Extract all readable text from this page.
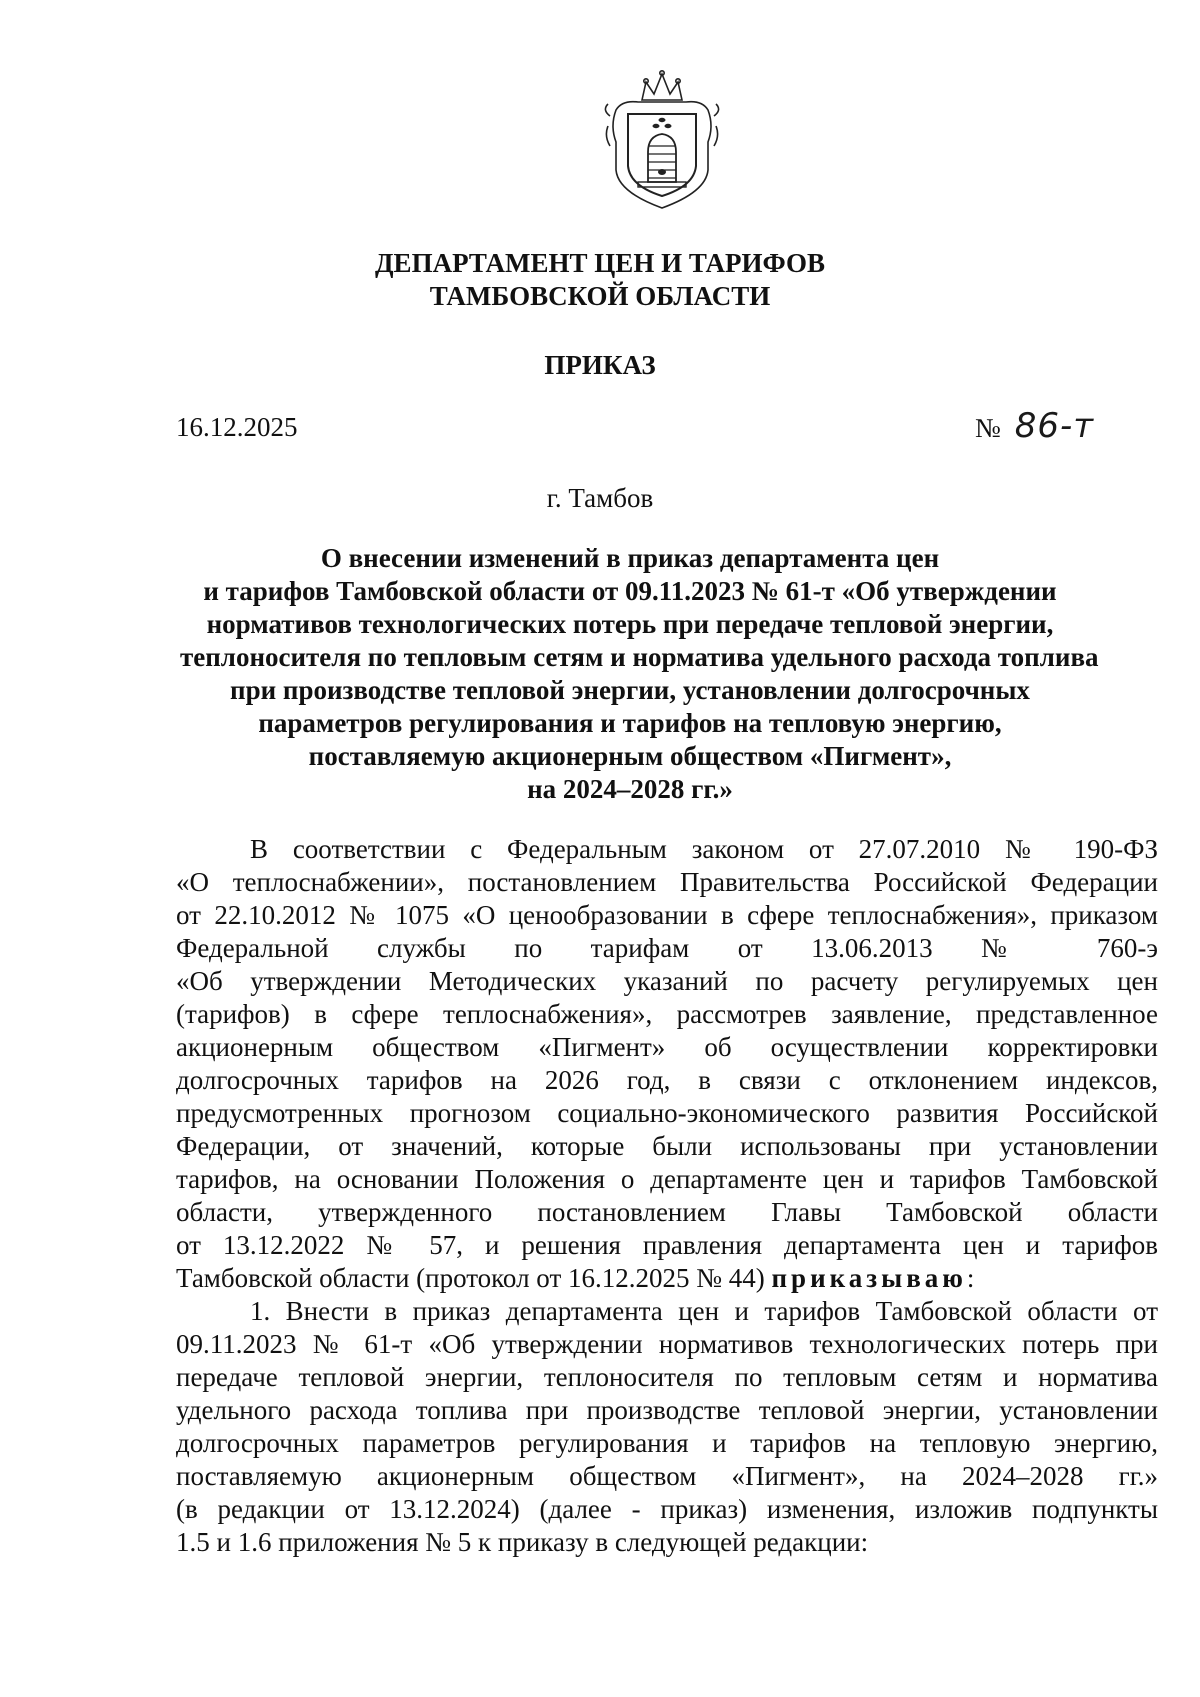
ДЕПАРТАМЕНТ ЦЕН И ТАРИФОВ
ТАМБОВСКОЙ ОБЛАСТИ
ПРИКАЗ
16.12.2025	№ 86-т
г. Тамбов
О внесении изменений в приказ департамента цен
и тарифов Тамбовской области от 09.11.2023 № 61-т «Об утверждении
нормативов технологических потерь при передаче тепловой энергии,
теплоносителя по тепловым сетям и норматива удельного расхода топлива
при производстве тепловой энергии, установлении долгосрочных
параметров регулирования и тарифов на тепловую энергию,
поставляемую акционерным обществом «Пигмент»,
на 2024–2028 гг.»
В соответствии с Федеральным законом от 27.07.2010 № 190-ФЗ
«О теплоснабжении», постановлением Правительства Российской Федерации
от 22.10.2012 № 1075 «О ценообразовании в сфере теплоснабжения», приказом
Федеральной службы по тарифам от 13.06.2013 № 760-э
«Об утверждении Методических указаний по расчету регулируемых цен
(тарифов) в сфере теплоснабжения», рассмотрев заявление, представленное
акционерным обществом «Пигмент» об осуществлении корректировки
долгосрочных тарифов на 2026 год, в связи с отклонением индексов,
предусмотренных прогнозом социально-экономического развития Российской
Федерации, от значений, которые были использованы при установлении
тарифов, на основании Положения о департаменте цен и тарифов Тамбовской
области, утвержденного постановлением Главы Тамбовской области
от 13.12.2022 № 57, и решения правления департамента цен и тарифов
Тамбовской области (протокол от 16.12.2025 № 44) приказываю:
1. Внести в приказ департамента цен и тарифов Тамбовской области от
09.11.2023 № 61-т «Об утверждении нормативов технологических потерь при
передаче тепловой энергии, теплоносителя по тепловым сетям и норматива
удельного расхода топлива при производстве тепловой энергии, установлении
долгосрочных параметров регулирования и тарифов на тепловую энергию,
поставляемую акционерным обществом «Пигмент», на 2024–2028 гг.»
(в редакции от 13.12.2024) (далее - приказ) изменения, изложив подпункты
1.5 и 1.6 приложения № 5 к приказу в следующей редакции:
